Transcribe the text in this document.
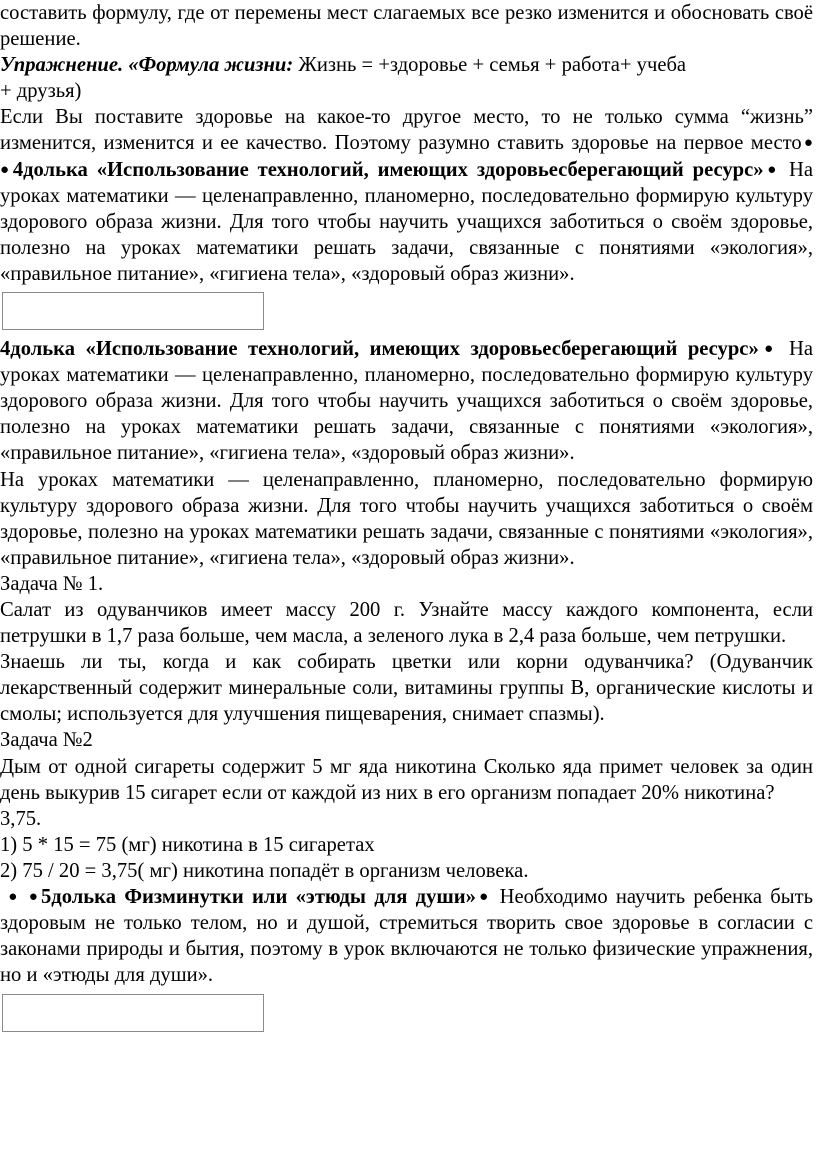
составить формулу, где от перемены мест слагаемых все резко изменится и обосновать своё решение.

Упражнение. «Формула жизни: Жизнь = +здоровье + семья + работа+ учеба
+ друзья)

Если Вы поставите здоровье на какое-то другое место, то не только сумма “жизнь” изменится, изменится и ее качество. Поэтому разумно ставить здоровье на первое место● ●4долька «Использование технологий, имеющих здоровьесберегающий ресурс»● На уроках математики — целенаправленно, планомерно, последовательно формирую культуру здорового образа жизни. Для того чтобы научить учащихся заботиться о своём здоровье, полезно на уроках математики решать задачи, связанные с понятиями «экология», «правильное питание», «гигиена тела», «здоровый образ жизни».

4долька «Использование технологий, имеющих здоровьесберегающий ресурс»● На уроках математики — целенаправленно, планомерно, последовательно формирую культуру здорового образа жизни. Для того чтобы научить учащихся заботиться о своём здоровье, полезно на уроках математики решать задачи, связанные с понятиями «экология», «правильное питание», «гигиена тела», «здоровый образ жизни».

На уроках математики — целенаправленно, планомерно, последовательно формирую культуру здорового образа жизни. Для того чтобы научить учащихся заботиться о своём здоровье, полезно на уроках математики решать задачи, связанные с понятиями «экология», «правильное питание», «гигиена тела», «здоровый образ жизни».

Задача № 1.

Салат из одуванчиков имеет массу 200 г. Узнайте массу каждого компонента, если петрушки в 1,7 раза больше, чем масла, а зеленого лука в 2,4 раза больше, чем петрушки.

Знаешь ли ты, когда и как собирать цветки или корни одуванчика? (Одуванчик лекарственный содержит минеральные соли, витамины группы В, органические кислоты и смолы; используется для улучшения пищеварения, снимает спазмы).

Задача №2

Дым от одной сигареты содержит 5 мг яда никотина Сколько яда примет человек за один день выкурив 15 сигарет если от каждой из них в его организм попадает 20% никотина?

3,75.

1) 5 * 15 = 75 (мг) никотина в 15 сигаретах

2) 75 / 20 = 3,75( мг) никотина попадёт в организм человека.

● ●5долька Физминутки или «этюды для души»● Необходимо научить ребенка быть здоровым не только телом, но и душой, стремиться творить свое здоровье в согласии с законами природы и бытия, поэтому в урок включаются не только физические упражнения, но и «этюды для души».
